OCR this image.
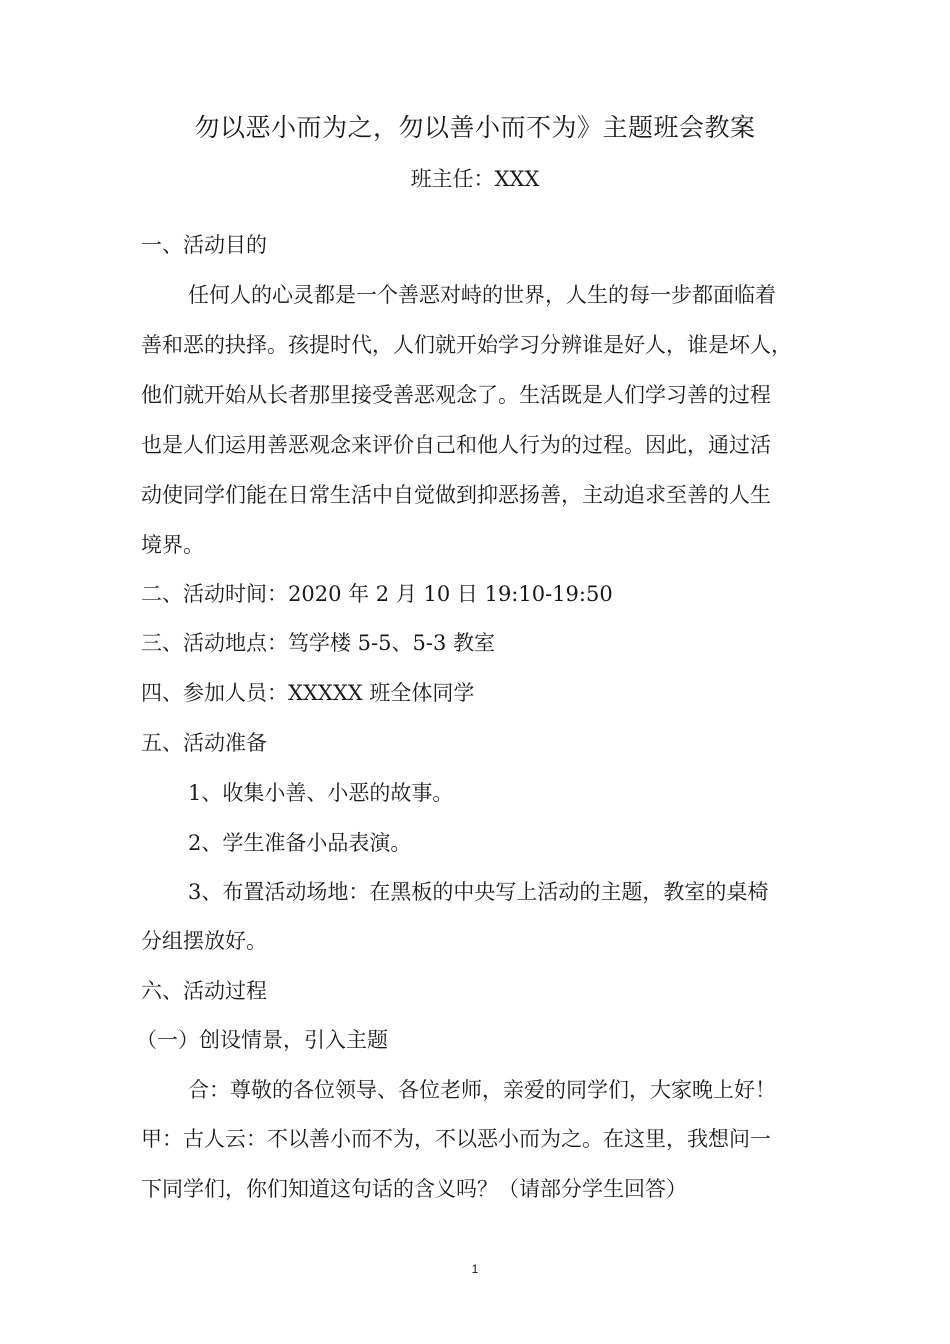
勿以恶小而为之，勿以善小而不为》主题班会教案
班主任：XXX
一、活动目的
任何人的心灵都是一个善恶对峙的世界，人生的每一步都面临着
善和恶的抉择。孩提时代，人们就开始学习分辨谁是好人，谁是坏人，
他们就开始从长者那里接受善恶观念了。生活既是人们学习善的过程
也是人们运用善恶观念来评价自己和他人行为的过程。因此，通过活
动使同学们能在日常生活中自觉做到抑恶扬善，主动追求至善的人生
境界。
二、活动时间：2020 年 2 月 10 日 19:10-19:50
三、活动地点：笃学楼 5-5、5-3 教室
四、参加人员：XXXXX 班全体同学
五、活动准备
1、收集小善、小恶的故事。
2、学生准备小品表演。
3、布置活动场地：在黑板的中央写上活动的主题，教室的桌椅
分组摆放好。
六、活动过程
（一）创设情景，引入主题
合：尊敬的各位领导、各位老师，亲爱的同学们，大家晚上好！
甲：古人云：不以善小而不为，不以恶小而为之。在这里，我想问一
下同学们，你们知道这句话的含义吗？（请部分学生回答）
1
